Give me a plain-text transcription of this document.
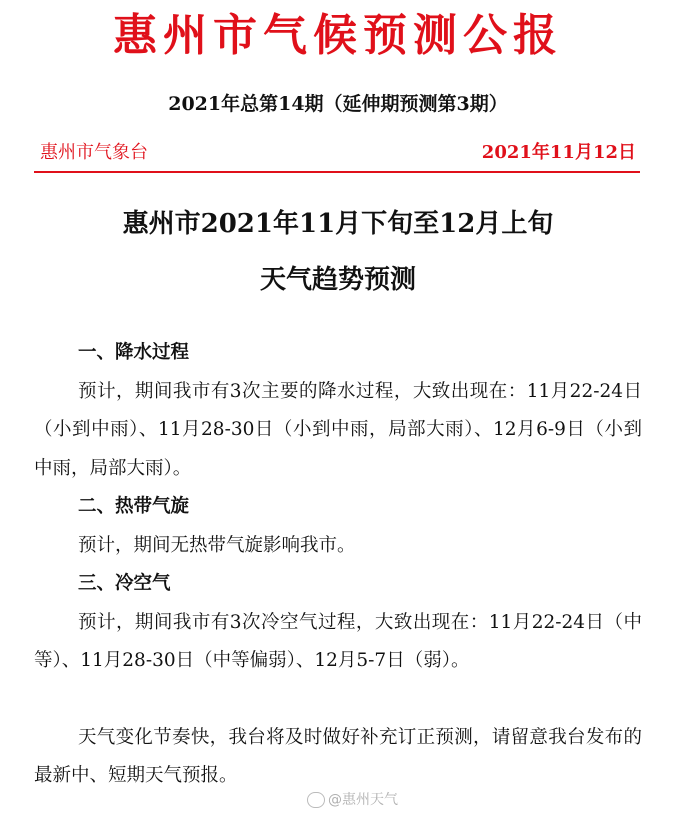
惠州市气候预测公报
2021年总第14期（延伸期预测第3期）
惠州市气象台	2021年11月12日
惠州市2021年11月下旬至12月上旬
天气趋势预测
一、降水过程
预计，期间我市有3次主要的降水过程，大致出现在：11月22-24日（小到中雨）、11月28-30日（小到中雨，局部大雨）、12月6-9日（小到中雨，局部大雨）。
二、热带气旋
预计，期间无热带气旋影响我市。
三、冷空气
预计，期间我市有3次冷空气过程，大致出现在：11月22-24日（中等）、11月28-30日（中等偏弱）、12月5-7日（弱）。
天气变化节奏快，我台将及时做好补充订正预测，请留意我台发布的最新中、短期天气预报。
@惠州天气
